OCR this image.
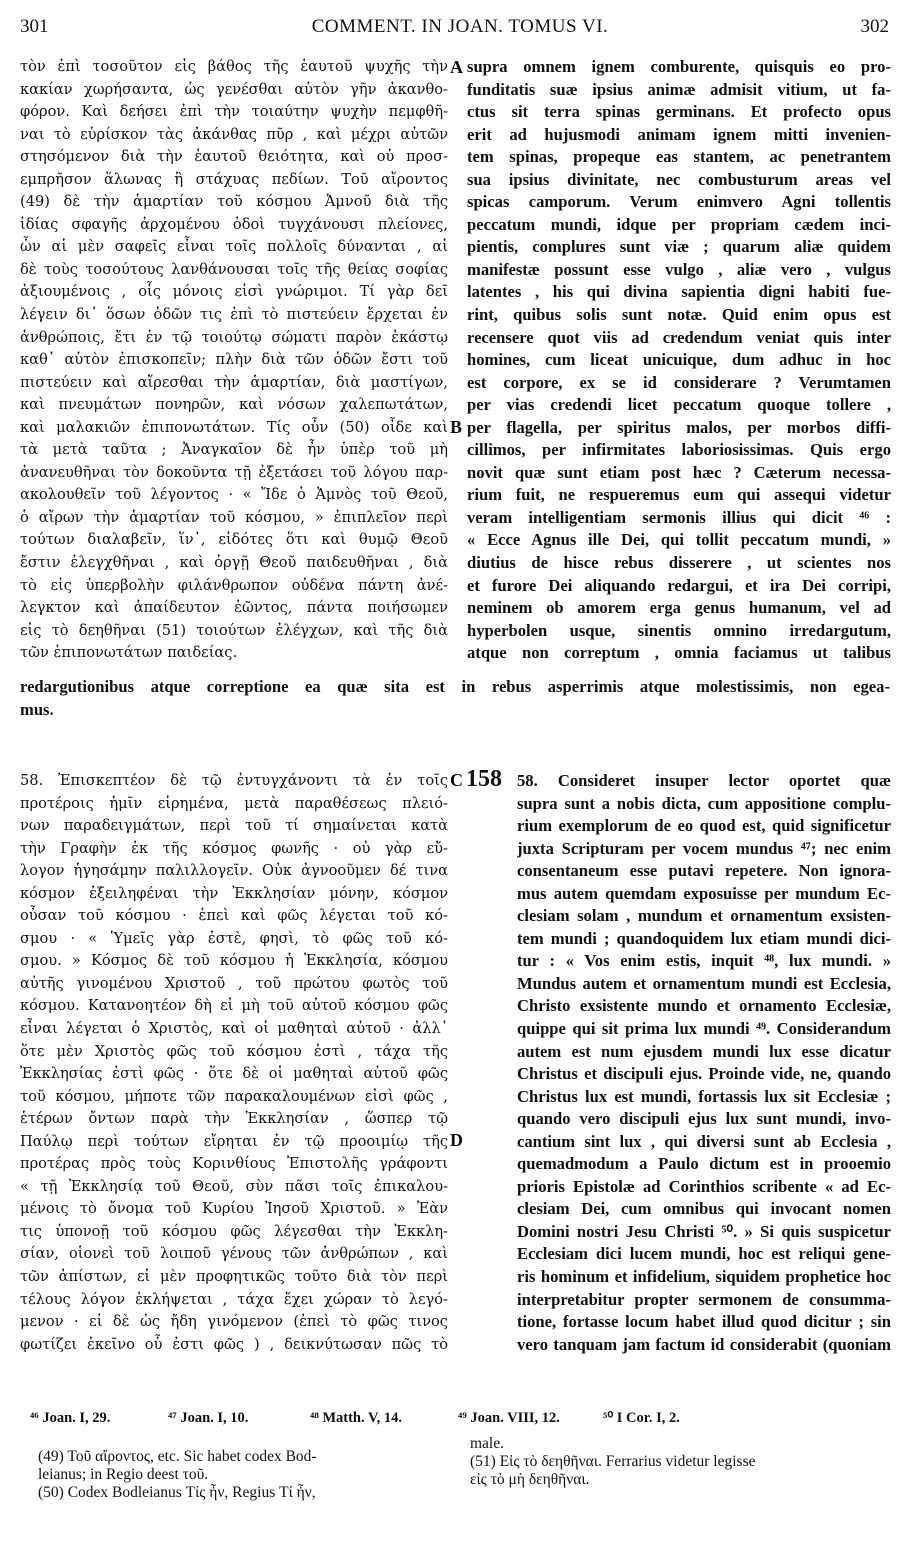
301	COMMENT. IN JOAN. TOMUS VI.	302
τὸν ἐπὶ τοσοῦτον εἰς βάθος τῆς ἑαυτοῦ ψυχῆς τὴν
κακίαν χωρήσαντα, ὡς γενέσθαι αὐτὸν γῆν ἀκανθο-
φόρον. Καὶ δεήσει ἐπὶ τὴν τοιαύτην ψυχὴν πεμφθῆ-
ναι τὸ εὑρίσκον τὰς ἀκάνθας πῦρ , καὶ μέχρι αὐτῶν
στησόμενον διὰ τὴν ἑαυτοῦ θειότητα, καὶ οὐ προσ-
εμπρῆσον ἅλωνας ἢ στάχυας πεδίων. Τοῦ αἴροντος
(49) δὲ τὴν ἁμαρτίαν τοῦ κόσμου Ἀμνοῦ διὰ τῆς
ἰδίας σφαγῆς ἀρχομένου ὁδοὶ τυγχάνουσι πλείονες,
ὧν αἱ μὲν σαφεῖς εἶναι τοῖς πολλοῖς δύνανται , αἱ
δὲ τοὺς τοσούτους λανθάνουσαι τοῖς τῆς θείας σοφίας
ἀξιουμένοις , οἷς μόνοις εἰσὶ γνώριμοι. Τί γὰρ δεῖ
λέγειν δι᾽ ὅσων ὁδῶν τις ἐπὶ τὸ πιστεύειν ἔρχεται ἐν
ἀνθρώποις, ἔτι ἐν τῷ τοιούτῳ σώματι παρὸν ἑκάστῳ
καθ᾽ αὑτὸν ἐπισκοπεῖν; πλὴν διὰ τῶν ὁδῶν ἔστι τοῦ
πιστεύειν καὶ αἴρεσθαι τὴν ἁμαρτίαν, διὰ μαστίγων,
καὶ πνευμάτων πονηρῶν, καὶ νόσων χαλεπωτάτων,
καὶ μαλακιῶν ἐπιπονωτάτων. Τίς οὖν (50) οἶδε καὶ
τὰ μετὰ ταῦτα ; Ἀναγκαῖον δὲ ἦν ὑπὲρ τοῦ μὴ
ἀνανευθῆναι τὸν δοκοῦντα τῇ ἐξετάσει τοῦ λόγου παρ-
ακολουθεῖν τοῦ λέγοντος · « Ἴδε ὁ Ἀμνὸς τοῦ Θεοῦ,
ὁ αἴρων τὴν ἁμαρτίαν τοῦ κόσμου, » ἐπιπλεῖον περὶ
τούτων διαλαβεῖν, ἵν᾽, εἰδότες ὅτι καὶ θυμῷ Θεοῦ
ἔστιν ἐλεγχθῆναι , καὶ ὀργῇ Θεοῦ παιδευθῆναι , διὰ
τὸ εἰς ὑπερβολὴν φιλάνθρωπον οὐδένα πάντη ἀνέ-
λεγκτον καὶ ἀπαίδευτον ἐῶντος, πάντα ποιήσωμεν
εἰς τὸ δεηθῆναι (51) τοιούτων ἐλέγχων, καὶ τῆς διὰ
τῶν ἐπιπονωτάτων παιδείας.
supra omnem ignem comburente, quisquis eo pro-
funditatis suæ ipsius animæ admisit vitium, ut fa-
ctus sit terra spinas germinans. Et profecto opus
erit ad hujusmodi animam ignem mitti invenien-
tem spinas, propeque eas stantem, ac penetrantem
sua ipsius divinitate, nec combusturum areas vel
spicas camporum. Verum enimvero Agni tollentis
peccatum mundi, idque per propriam cædem inci-
pientis, complures sunt viæ ; quarum aliæ quidem
manifestæ possunt esse vulgo , aliæ vero , vulgus
latentes , his qui divina sapientia digni habiti fue-
rint, quibus solis sunt notæ. Quid enim opus est
recensere quot viis ad credendum veniat quis inter
homines, cum liceat unicuique, dum adhuc in hoc
est corpore, ex se id considerare ? Verumtamen
per vias credendi licet peccatum quoque tollere ,
per flagella, per spiritus malos, per morbos diffi-
cillimos, per infirmitates laboriosissimas. Quis ergo
novit quæ sunt etiam post hæc ? Cæterum necessa-
rium fuit, ne respueremus eum qui assequi videtur
veram intelligentiam sermonis illius qui dicit ⁴⁶ :
« Ecce Agnus ille Dei, qui tollit peccatum mundi, »
diutius de hisce rebus disserere , ut scientes nos
et furore Dei aliquando redargui, et ira Dei corripi,
neminem ob amorem erga genus humanum, vel ad
hyperbolen usque, sinentis omnino irredargutum,
atque non correptum , omnia faciamus ut talibus
redargutionibus atque correptione ea quæ sita est in rebus asperrimis atque molestissimis, non egea-
mus.
58. Ἐπισκεπτέον δὲ τῷ ἐντυγχάνοντι τὰ ἐν τοῖς
προτέροις ἡμῖν εἰρημένα, μετὰ παραθέσεως πλειό-
νων παραδειγμάτων, περὶ τοῦ τί σημαίνεται κατὰ
τὴν Γραφὴν ἐκ τῆς κόσμος φωνῆς · οὐ γὰρ εὔ-
λογον ἡγησάμην παλιλλογεῖν. Οὐκ ἀγνοοῦμεν δέ τινα
κόσμον ἐξειληφέναι τὴν Ἐκκλησίαν μόνην, κόσμον
οὖσαν τοῦ κόσμου · ἐπεὶ καὶ φῶς λέγεται τοῦ κό-
σμου · « Ὑμεῖς γὰρ ἐστὲ, φησὶ, τὸ φῶς τοῦ κό-
σμου. » Κόσμος δὲ τοῦ κόσμου ἡ Ἐκκλησία, κόσμου
αὐτῆς γινομένου Χριστοῦ , τοῦ πρώτου φωτὸς τοῦ
κόσμου. Κατανοητέον δὴ εἰ μὴ τοῦ αὐτοῦ κόσμου φῶς
εἶναι λέγεται ὁ Χριστὸς, καὶ οἱ μαθηταὶ αὐτοῦ · ἀλλ᾽
ὅτε μὲν Χριστὸς φῶς τοῦ κόσμου ἐστὶ , τάχα τῆς
Ἐκκλησίας ἐστὶ φῶς · ὅτε δὲ οἱ μαθηταὶ αὐτοῦ φῶς
τοῦ κόσμου, μήποτε τῶν παρακαλουμένων εἰσὶ φῶς ,
ἑτέρων ὄντων παρὰ τὴν Ἐκκλησίαν , ὥσπερ τῷ
Παύλῳ περὶ τούτων εἴρηται ἐν τῷ προοιμίῳ τῆς
προτέρας πρὸς τοὺς Κορινθίους Ἐπιστολῆς γράφοντι
« τῇ Ἐκκλησίᾳ τοῦ Θεοῦ, σὺν πᾶσι τοῖς ἐπικαλου-
μένοις τὸ ὄνομα τοῦ Κυρίου Ἰησοῦ Χριστοῦ. » Ἐὰν
τις ὑπονοῇ τοῦ κόσμου φῶς λέγεσθαι τὴν Ἐκκλη-
σίαν, οἱονεὶ τοῦ λοιποῦ γένους τῶν ἀνθρώπων , καὶ
τῶν ἀπίστων, εἰ μὲν προφητικῶς τοῦτο διὰ τὸν περὶ
τέλους λόγον ἐκλήψεται , τάχα ἔχει χώραν τὸ λεγό-
μενον · εἰ δὲ ὡς ἤδη γινόμενον (ἐπεὶ τὸ φῶς τινος
φωτίζει ἐκεῖνο οὗ ἐστι φῶς ) , δεικνύτωσαν πῶς τὸ
58. Consideret insuper lector oportet quæ
supra sunt a nobis dicta, cum appositione complu-
rium exemplorum de eo quod est, quid significetur
juxta Scripturam per vocem mundus ⁴⁷; nec enim
consentaneum esse putavi repetere. Non ignora-
mus autem quemdam exposuisse per mundum Ec-
clesiam solam , mundum et ornamentum exsisten-
tem mundi ; quandoquidem lux etiam mundi dici-
tur : « Vos enim estis, inquit ⁴⁸, lux mundi. »
Mundus autem et ornamentum mundi est Ecclesia,
Christo exsistente mundo et ornamento Ecclesiæ,
quippe qui sit prima lux mundi ⁴⁹. Considerandum
autem est num ejusdem mundi lux esse dicatur
Christus et discipuli ejus. Proinde vide, ne, quando
Christus lux est mundi, fortassis lux sit Ecclesiæ ;
quando vero discipuli ejus lux sunt mundi, invo-
cantium sint lux , qui diversi sunt ab Ecclesia ,
quemadmodum a Paulo dictum est in prooemio
prioris Epistolæ ad Corinthios scribente « ad Ec-
clesiam Dei, cum omnibus qui invocant nomen
Domini nostri Jesu Christi ⁵⁰. » Si quis suspicetur
Ecclesiam dici lucem mundi, hoc est reliqui gene-
ris hominum et infidelium, siquidem prophetice hoc
interpretabitur propter sermonem de consumma-
tione, fortasse locum habet illud quod dicitur ; sin
vero tanquam jam factum id considerabit (quoniam
A
B
C
D
158
⁴⁶ Joan. I, 29.	⁴⁷ Joan. I, 10.	⁴⁸ Matth. V, 14.	⁴⁹ Joan. VIII, 12.	⁵⁰ I Cor. I, 2.
(49) Τοῦ αἴροντος, etc. Sic habet codex Bod-
leianus; in Regio deest τοῦ.
(50) Codex Bodleianus Τίς ἦν, Regius Τί ἦν,
male.
(51) Εἰς τὸ δεηθῆναι. Ferrarius videtur legisse
εἰς τὸ μὴ δεηθῆναι.
